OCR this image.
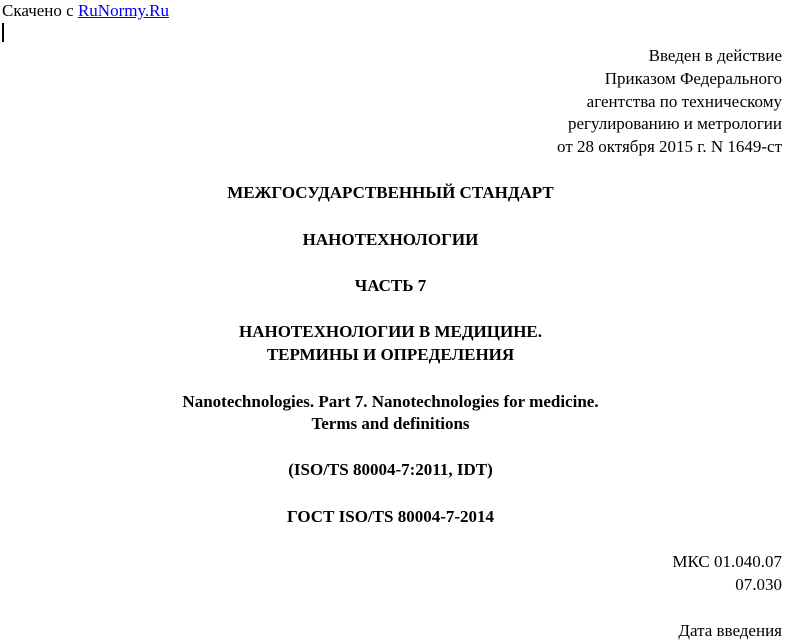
Скачено с RuNormy.Ru
Введен в действие
Приказом Федерального
агентства по техническому
регулированию и метрологии
от 28 октября 2015 г. N 1649-ст
МЕЖГОСУДАРСТВЕННЫЙ СТАНДАРТ
НАНОТЕХНОЛОГИИ
ЧАСТЬ 7
НАНОТЕХНОЛОГИИ В МЕДИЦИНЕ.
ТЕРМИНЫ И ОПРЕДЕЛЕНИЯ
Nanotechnologies. Part 7. Nanotechnologies for medicine.
Terms and definitions
(ISO/TS 80004-7:2011, IDT)
ГОСТ ISO/TS 80004-7-2014
МКС 01.040.07
07.030
Дата введения
